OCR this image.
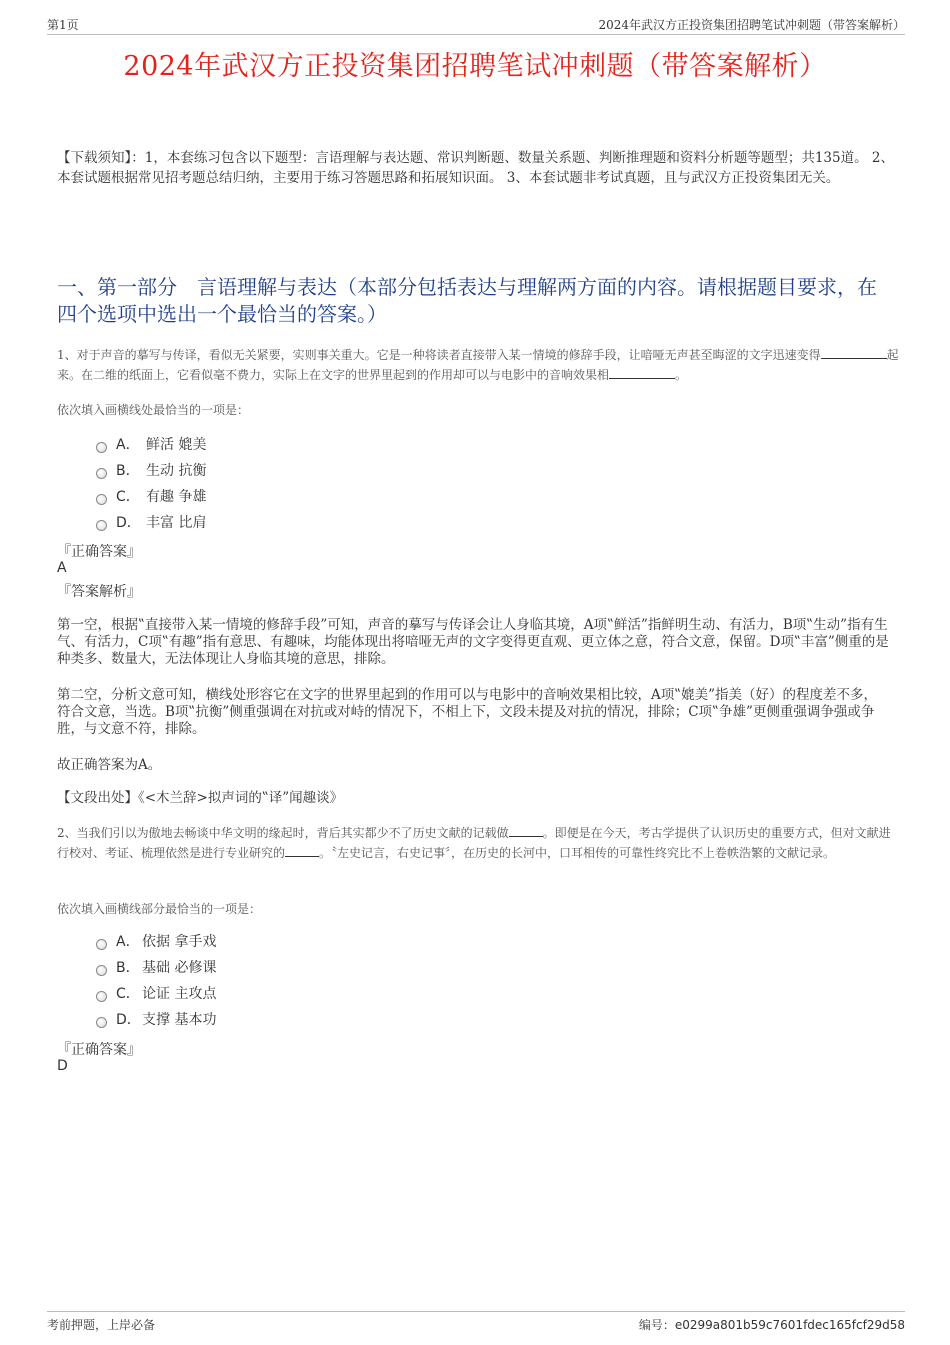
第1页	2024年武汉方正投资集团招聘笔试冲刺题（带答案解析）
2024年武汉方正投资集团招聘笔试冲刺题（带答案解析）
【下载须知】：1，本套练习包含以下题型：言语理解与表达题、常识判断题、数量关系题、判断推理题和资料分析题等题型；共135道。 2、本套试题根据常见招考题总结归纳，主要用于练习答题思路和拓展知识面。 3、本套试题非考试真题，且与武汉方正投资集团无关。
一、第一部分　言语理解与表达（本部分包括表达与理解两方面的内容。请根据题目要求，在四个选项中选出一个最恰当的答案。）
1、对于声音的摹写与传译，看似无关紧要，实则事关重大。它是一种将读者直接带入某一情境的修辞手段，让喑哑无声甚至晦涩的文字迅速变得	起来。在二维的纸面上，它看似毫不费力，实际上在文字的世界里起到的作用却可以与电影中的音响效果相	。
依次填入画横线处最恰当的一项是：
A． 鲜活 媲美
B． 生动 抗衡
C． 有趣 争雄
D． 丰富 比肩
『正确答案』
A
『答案解析』

第一空，根据‟直接带入某一情境的修辞手段”可知，声音的摹写与传译会让人身临其境，A项‟鲜活”指鲜明生动、有活力，B项‟生动”指有生气、有活力，C项‟有趣”指有意思、有趣味，均能体现出将喑哑无声的文字变得更直观、更立体之意，符合文意，保留。D项‟丰富”侧重的是种类多、数量大，无法体现让人身临其境的意思，排除。

第二空，分析文意可知，横线处形容它在文字的世界里起到的作用可以与电影中的音响效果相比较，A项‟媲美”指美（好）的程度差不多，符合文意，当选。B项‟抗衡”侧重强调在对抗或对峙的情况下，不相上下，文段未提及对抗的情况，排除；C项‟争雄”更侧重强调争强或争胜，与文意不符，排除。

故正确答案为A。

【文段出处】《<木兰辞>拟声词的‟译”闻趣谈》

2、当我们引以为傲地去畅谈中华文明的缘起时，背后其实都少不了历史文献的记载做	。即便是在今天，考古学提供了认识历史的重要方式，但对文献进行校对、考证、梳理依然是进行专业研究的	。〝左史记言，右史记事〞，在历史的长河中，口耳相传的可靠性终究比不上卷帙浩繁的文献记录。
依次填入画横线部分最恰当的一项是：
A． 依据 拿手戏
B． 基础 必修课
C． 论证 主攻点
D． 支撑 基本功
『正确答案』
D
考前押题，上岸必备	编号：e0299a801b59c7601fdec165fcf29d58
